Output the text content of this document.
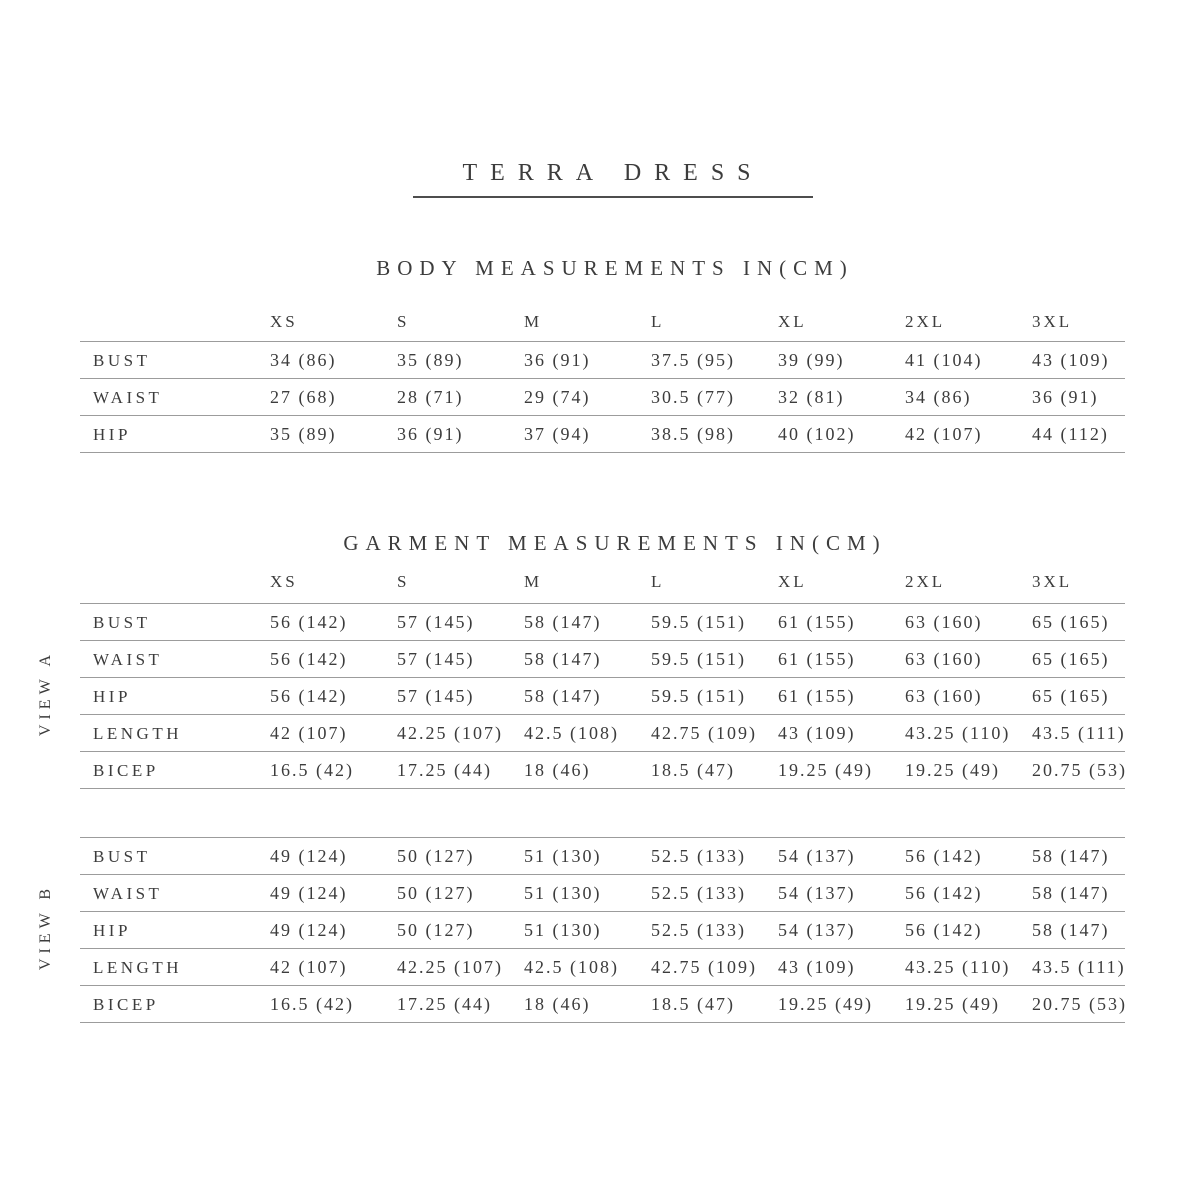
TERRA DRESS
BODY MEASUREMENTS IN(CM)
XS	S	M	L	XL	2XL	3XL
BUST	34 (86)	35 (89)	36 (91)	37.5 (95)	39 (99)	41 (104)	43 (109)
WAIST	27 (68)	28 (71)	29 (74)	30.5 (77)	32 (81)	34 (86)	36 (91)
HIP	35 (89)	36 (91)	37 (94)	38.5 (98)	40 (102)	42 (107)	44 (112)
GARMENT MEASUREMENTS IN(CM)
XS	S	M	L	XL	2XL	3XL
VIEW A
BUST	56 (142)	57 (145)	58 (147)	59.5 (151)	61 (155)	63 (160)	65 (165)
WAIST	56 (142)	57 (145)	58 (147)	59.5 (151)	61 (155)	63 (160)	65 (165)
HIP	56 (142)	57 (145)	58 (147)	59.5 (151)	61 (155)	63 (160)	65 (165)
LENGTH	42 (107)	42.25 (107)	42.5 (108)	42.75 (109)	43 (109)	43.25 (110)	43.5 (111)
BICEP	16.5 (42)	17.25 (44)	18 (46)	18.5 (47)	19.25 (49)	19.25 (49)	20.75 (53)
VIEW B
BUST	49 (124)	50 (127)	51 (130)	52.5 (133)	54 (137)	56 (142)	58 (147)
WAIST	49 (124)	50 (127)	51 (130)	52.5 (133)	54 (137)	56 (142)	58 (147)
HIP	49 (124)	50 (127)	51 (130)	52.5 (133)	54 (137)	56 (142)	58 (147)
LENGTH	42 (107)	42.25 (107)	42.5 (108)	42.75 (109)	43 (109)	43.25 (110)	43.5 (111)
BICEP	16.5 (42)	17.25 (44)	18 (46)	18.5 (47)	19.25 (49)	19.25 (49)	20.75 (53)
